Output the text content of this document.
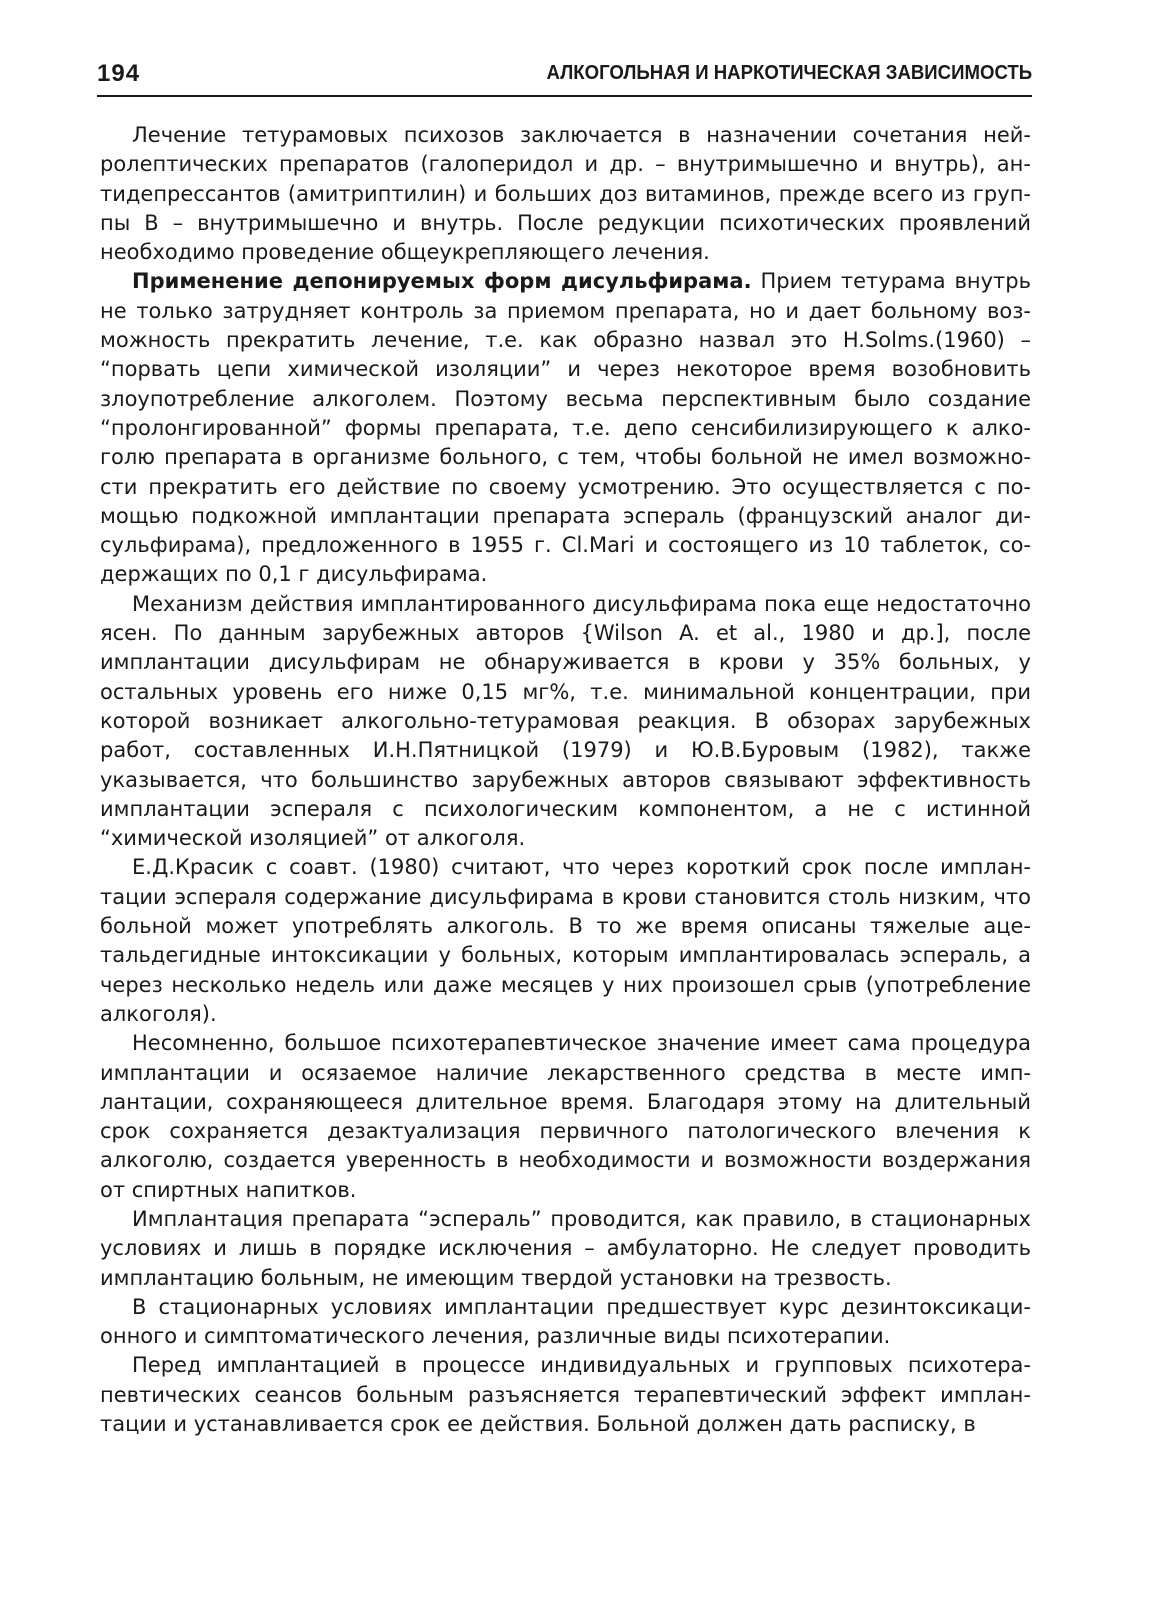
194	АЛКОГОЛЬНАЯ И НАРКОТИЧЕСКАЯ ЗАВИСИМОСТЬ

Лечение тетурамовых психозов заключается в назначении сочетания нейролептических препаратов (галоперидол и др. – внутримышечно и внутрь), антидепрессантов (амитриптилин) и больших доз витаминов, прежде всего из группы В – внутримышечно и внутрь. После редукции психотических проявлений необходимо проведение общеукрепляющего лечения.

Применение депонируемых форм дисульфирама. Прием тетурама внутрь не только затрудняет контроль за приемом препарата, но и дает больному возможность прекратить лечение, т.е. как образно назвал это H.Solms.(1960) – “порвать цепи химической изоляции” и через некоторое время возобновить злоупотребление алкоголем. Поэтому весьма перспективным было создание “пролонгированной” формы препарата, т.е. депо сенсибилизирующего к алкоголю препарата в организме больного, с тем, чтобы больной не имел возможности прекратить его действие по своему усмотрению. Это осуществляется с помощью подкожной имплантации препарата эспераль (французский аналог дисульфирама), предложенного в 1955 г. Cl.Mari и состоящего из 10 таблеток, содержащих по 0,1 г дисульфирама.

Механизм действия имплантированного дисульфирама пока еще недостаточно ясен. По данным зарубежных авторов {Wilson A. et al., 1980 и др.], после имплантации дисульфирам не обнаруживается в крови у 35% больных, у остальных уровень его ниже 0,15 мг%, т.е. минимальной концентрации, при которой возникает алкогольно-тетурамовая реакция. В обзорах зарубежных работ, составленных И.Н.Пятницкой (1979) и Ю.В.Буровым (1982), также указывается, что большинство зарубежных авторов связывают эффективность имплантации эспераля с психологическим компонентом, а не с истинной “химической изоляцией” от алкоголя.

Е.Д.Красик с соавт. (1980) считают, что через короткий срок после имплантации эспераля содержание дисульфирама в крови становится столь низким, что больной может употреблять алкоголь. В то же время описаны тяжелые ацетальдегидные интоксикации у больных, которым имплантировалась эспераль, а через несколько недель или даже месяцев у них произошел срыв (употребление алкоголя).

Несомненно, большое психотерапевтическое значение имеет сама процедура имплантации и осязаемое наличие лекарственного средства в месте имплантации, сохраняющееся длительное время. Благодаря этому на длительный срок сохраняется дезактуализация первичного патологического влечения к алкоголю, создается уверенность в необходимости и возможности воздержания от спиртных напитков.

Имплантация препарата “эспераль” проводится, как правило, в стационарных условиях и лишь в порядке исключения – амбулаторно. Не следует проводить имплантацию больным, не имеющим твердой установки на трезвость.

В стационарных условиях имплантации предшествует курс дезинтоксикационного и симптоматического лечения, различные виды психотерапии.

Перед имплантацией в процессе индивидуальных и групповых психотерапевтических сеансов больным разъясняется терапевтический эффект имплантации и устанавливается срок ее действия. Больной должен дать расписку, в
